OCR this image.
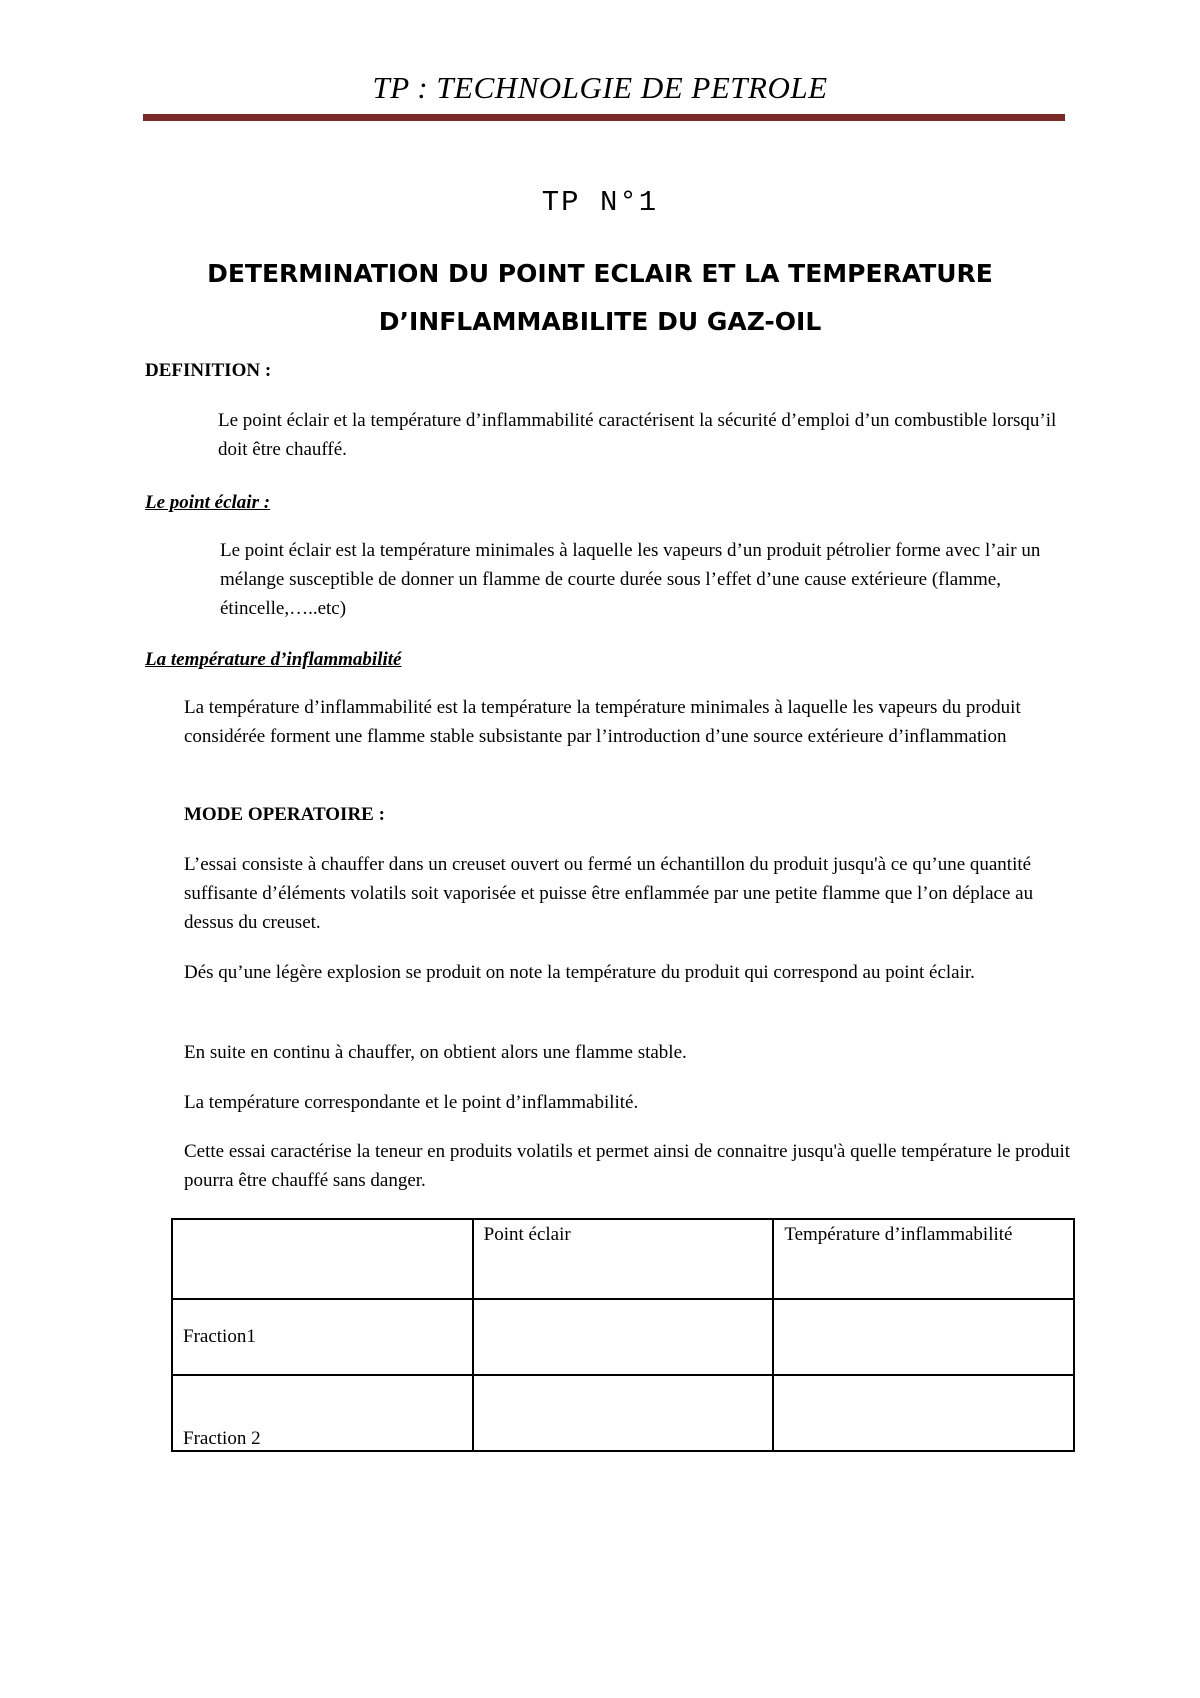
TP : TECHNOLGIE DE PETROLE
TP N°1
DETERMINATION DU POINT ECLAIR ET LA TEMPERATURE
D’INFLAMMABILITE DU GAZ-OIL
DEFINITION :
Le point éclair et la température d’inflammabilité caractérisent la sécurité d’emploi d’un combustible lorsqu’il doit être chauffé.
Le point éclair :
Le point éclair est la température minimales à laquelle les vapeurs d’un produit pétrolier forme avec l’air un mélange susceptible de donner un flamme de courte durée sous l’effet d’une cause extérieure (flamme, étincelle,…..etc)
La température d’inflammabilité
La température d’inflammabilité est la température la température minimales à laquelle les vapeurs du produit considérée forment une flamme stable subsistante par l’introduction d’une source extérieure d’inflammation
MODE OPERATOIRE :
L’essai consiste à chauffer dans un creuset ouvert ou fermé un échantillon du produit jusqu'à ce qu’une quantité suffisante d’éléments volatils soit vaporisée et puisse être enflammée par une petite flamme que l’on déplace au dessus du creuset.
Dés qu’une légère explosion se produit on note la température du produit qui correspond au point éclair.
En suite en continu à chauffer, on obtient alors une flamme stable.
La température correspondante et le point d’inflammabilité.
Cette essai caractérise la teneur en produits volatils et permet ainsi de connaitre jusqu'à quelle température le produit pourra être chauffé sans danger.
	Point éclair	Température d’inflammabilité
Fraction1		
Fraction 2		
